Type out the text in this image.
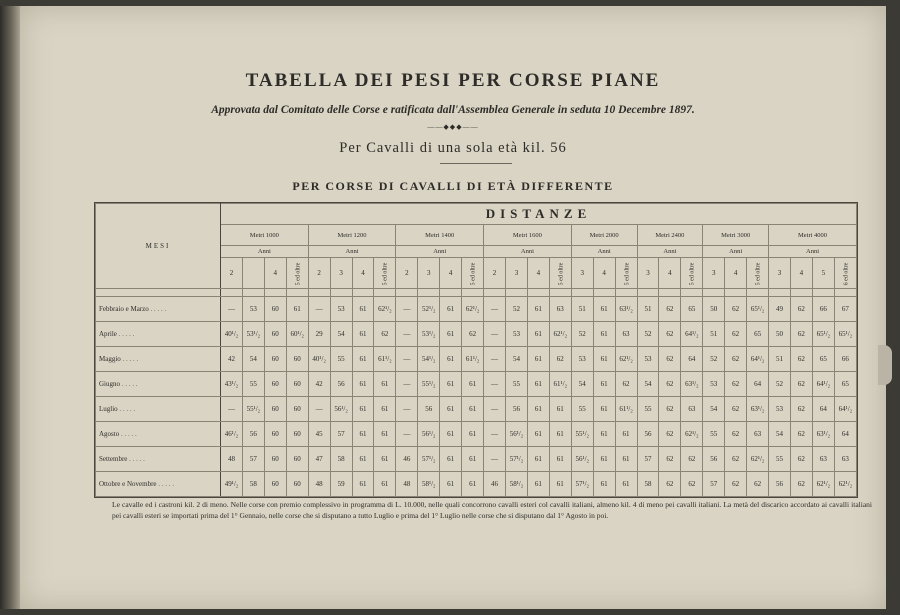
TABELLA DEI PESI PER CORSE PIANE
Approvata dal Comitato delle Corse e ratificata dall'Assemblea Generale in seduta 10 Decembre 1897.
——◆◆◆——
Per Cavalli di una sola età kil. 56
PER CORSE DI CAVALLI DI ETÀ DIFFERENTE
MESI	DISTANZE																												
	Metri 1000				Metri 1200				Metri 1400				Metri 1600				Metri 2000			Metri 2400			Metri 3000			Metri 4000			
	Anni				Anni				Anni				Anni				Anni			Anni			Anni			Anni			
	2		4	5 ed oltre	2	3	4	5 ed oltre	2	3	4	5 ed oltre	2	3	4	5 ed oltre	3	4	5 ed oltre	3	4	5 ed oltre	3	4	5 ed oltre	3	4	5	6 ed oltre

Febbraio e Marzo . . . . .	—	53	60	61	—	53	61	62¹/₂	—	52¹/₂	61	62¹/₂	—	52	61	63	51	61	63¹/₂	51	62	65	50	62	65¹/₂	49	62	66	67
Aprile . . . . .	40¹/₂	53¹/₂	60	60¹/₂	29	54	61	62	—	53¹/₂	61	62	—	53	61	62¹/₂	52	61	63	52	62	64¹/₂	51	62	65	50	62	65¹/₂	65¹/₂
Maggio . . . . .	42	54	60	60	40¹/₂	55	61	61¹/₂	—	54¹/₂	61	61¹/₂	—	54	61	62	53	61	62¹/₂	53	62	64	52	62	64¹/₂	51	62	65	66
Giugno . . . . .	43¹/₂	55	60	60	42	56	61	61	—	55¹/₂	61	61	—	55	61	61¹/₂	54	61	62	54	62	63¹/₂	53	62	64	52	62	64¹/₂	65
Luglio . . . . .	—	55¹/₂	60	60	—	56¹/₂	61	61	—	56	61	61	—	56	61	61	55	61	61¹/₂	55	62	63	54	62	63¹/₂	53	62	64	64¹/₂
Agosto . . . . .	46¹/₂	56	60	60	45	57	61	61	—	56¹/₂	61	61	—	56¹/₂	61	61	55¹/₂	61	61	56	62	62¹/₂	55	62	63	54	62	63¹/₂	64
Settembre . . . . .	48	57	60	60	47	58	61	61	46	57¹/₂	61	61	—	57¹/₂	61	61	56¹/₂	61	61	57	62	62	56	62	62¹/₂	55	62	63	63
Ottobre e Novembre . . . . .	49¹/₂	58	60	60	48	59	61	61	48	58¹/₂	61	61	46	58¹/₂	61	61	57¹/₂	61	61	58	62	62	57	62	62	56	62	62¹/₂	62¹/₂
Le cavalle ed i castroni kil. 2 di meno. Nelle corse con premio complessivo in programma di L. 10.000, nelle quali concorrono cavalli esteri col cavalli italiani, almeno kil. 4 di meno pei cavalli italiani. La metà del discarico accordato ai cavalli italiani pei cavalli esteri se importati prima del 1° Gennaio, nelle corse che si disputano a tutto Luglio e prima del 1° Luglio nelle corse che si disputano dal 1° Agosto in poi.
